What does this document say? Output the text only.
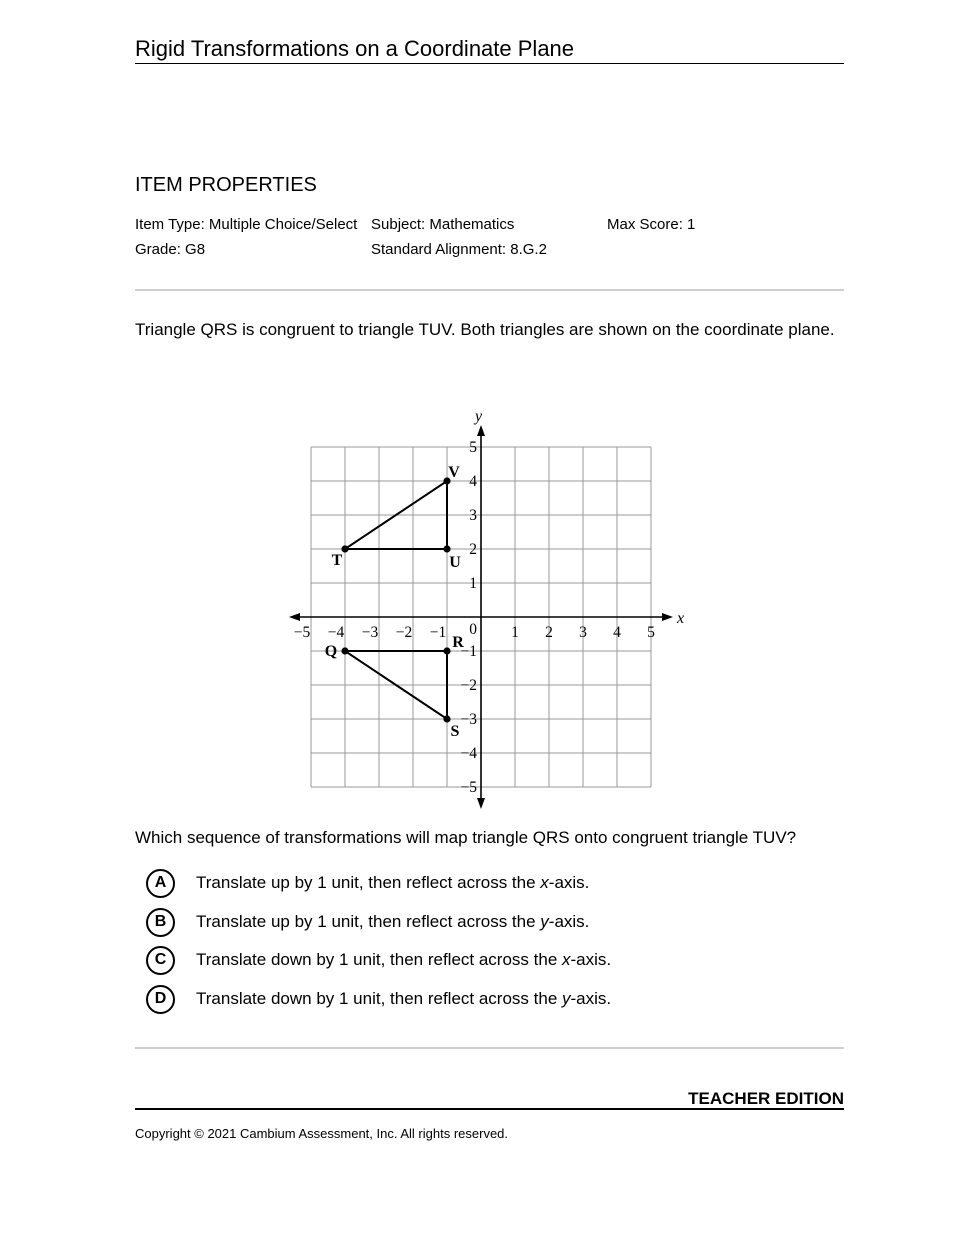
Rigid Transformations on a Coordinate Plane
ITEM PROPERTIES
Item Type: Multiple Choice/Select Subject: Mathematics	Max Score: 1
Grade: G8	Standard Alignment: 8.G.2
Triangle QRS is congruent to triangle TUV. Both triangles are shown on the coordinate plane.
x
y
−5 −4 −3 −2 −1	1 2 3 4 5
5
4
3
2
1
−1
−2
−3
−4
−5
0
T	U
V
Q
R
S
Which sequence of transformations will map triangle QRS onto congruent triangle TUV?
A	Translate up by 1 unit, then reflect across the x-axis.
B	Translate up by 1 unit, then reflect across the y-axis.
C	Translate down by 1 unit, then reflect across the x-axis.
D	Translate down by 1 unit, then reflect across the y-axis.
TEACHER EDITION
Copyright © 2021 Cambium Assessment, Inc. All rights reserved.
